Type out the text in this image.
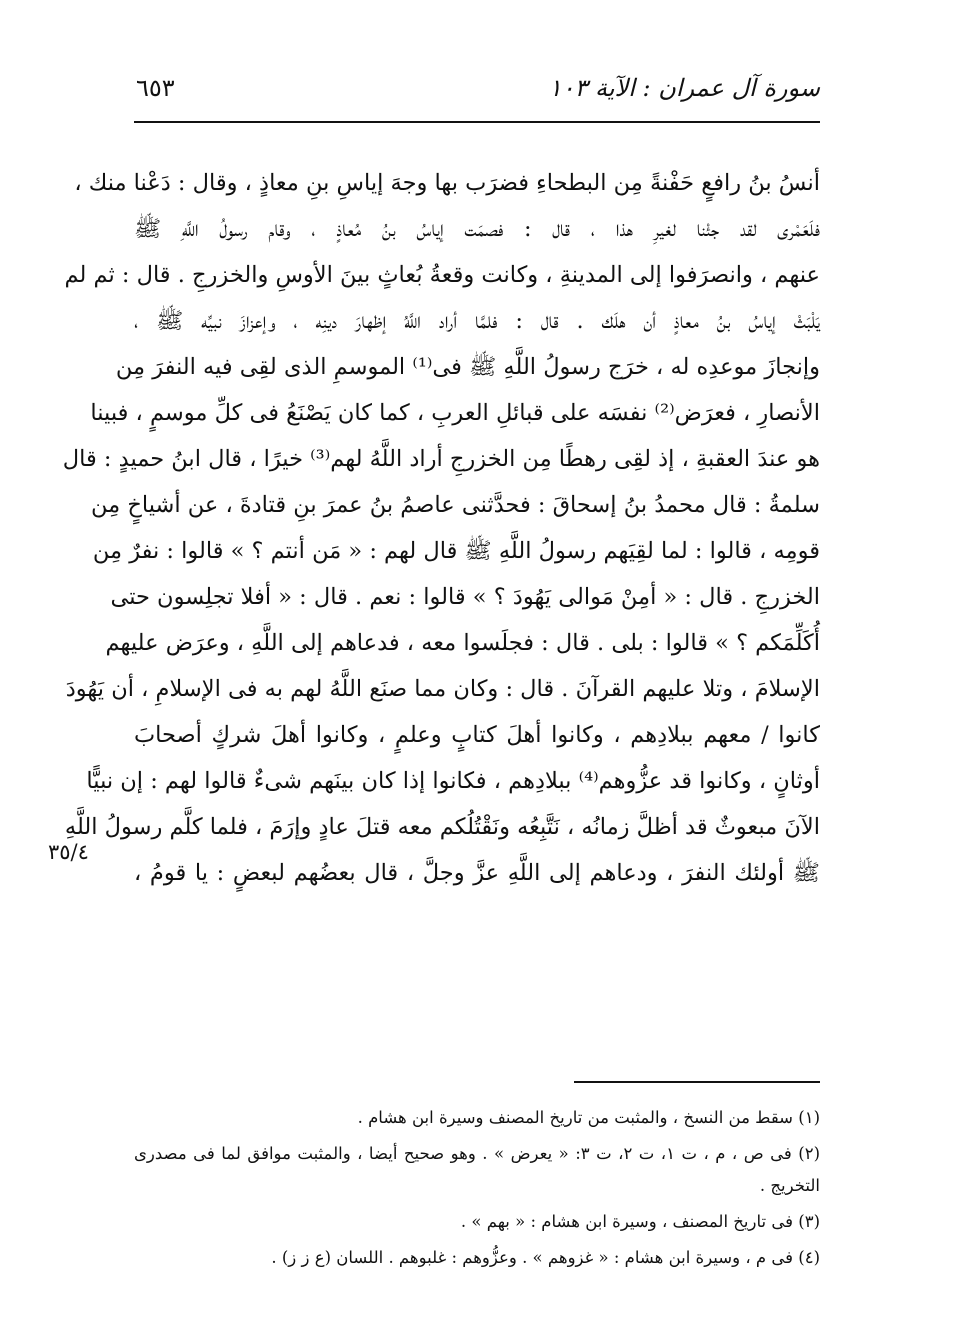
سورة آل عمران : الآية ١٠٣
٦٥٣
أنسُ بنُ رافعٍ حَفْنةً مِن البطحاءِ فضرَب بها وجهَ إياسِ بنِ معاذٍ ، وقال : دَعْنا منك ،
فلَعَمْرى لقد جئْنا لغيرِ هذا ، قال : فصمَت إياسُ بنُ مُعاذٍ ، وقام رسولُ اللَّهِ ﷺ
عنهم ، وانصرَفوا إلى المدينةِ ، وكانت وقعةُ بُعاثٍ بينَ الأوسِ والخزرجِ . قال : ثم لم
يَلْبَثْ إياسُ بنُ معاذٍ أن هلَك . قال : فلمَّا أراد اللَّهُ إظهارَ دينِه ، وإعزازَ نبيِّه ﷺ ،
وإنجازَ موعدِه له ، خرَج رسولُ اللَّهِ ﷺ فى⁽¹⁾ الموسمِ الذى لقِى فيه النفرَ مِن
الأنصارِ ، فعرَض⁽²⁾ نفسَه على قبائلِ العربِ ، كما كان يَصْنَعُ فى كلِّ موسمٍ ، فبينا
هو عندَ العقبةِ ، إذ لقِى رهطًا مِن الخزرجِ أراد اللَّهُ لهم⁽³⁾ خيرًا ، قال ابنُ حميدٍ : قال
سلمةُ : قال محمدُ بنُ إسحاقَ : فحدَّثنى عاصمُ بنُ عمرَ بنِ قتادةَ ، عن أشياخٍ مِن
قومِه ، قالوا : لما لقِيَهم رسولُ اللَّهِ ﷺ قال لهم : « مَن أنتم ؟ » قالوا : نفرٌ مِن
الخزرجِ . قال : « أمِنْ مَوالى يَهُودَ ؟ » قالوا : نعم . قال : « أفلا تجلِسون حتى
أُكَلِّمَكم ؟ » قالوا : بلى . قال : فجلَسوا معه ، فدعاهم إلى اللَّهِ ، وعرَض عليهم
الإسلامَ ، وتلا عليهم القرآنَ . قال : وكان مما صنَع اللَّهُ لهم به فى الإسلامِ ، أن يَهُودَ
كانوا / معهم ببلادِهم ، وكانوا أهلَ كتابٍ وعلمٍ ، وكانوا أهلَ شركٍ أصحابَ
أوثانٍ ، وكانوا قد عزُّوهم⁽⁴⁾ ببلادِهم ، فكانوا إذا كان بينَهم شىءٌ قالوا لهم : إن نبيًّا
الآنَ مبعوثٌ قد أظلَّ زمانُه ، نَتَّبِعُه ونَقْتُلُكم معه قتلَ عادٍ وإرَمَ ، فلما كلَّم رسولُ اللَّهِ
ﷺ أولئك النفرَ ، ودعاهم إلى اللَّهِ عزَّ وجلَّ ، قال بعضُهم لبعضٍ : يا قومُ ،
٣٥/٤
(١) سقط من النسخ ، والمثبت من تاريخ المصنف وسيرة ابن هشام .
(٢) فى ص ، م ، ت ١، ت ٢، ت ٣: « يعرض » . وهو صحيح أيضا ، والمثبت موافق لما فى مصدرى
التخريج .
(٣) فى تاريخ المصنف ، وسيرة ابن هشام : « بهم » .
(٤) فى م ، وسيرة ابن هشام : « غزوهم » . وعزُّوهم : غلبوهم . اللسان (ع ز ز) .
